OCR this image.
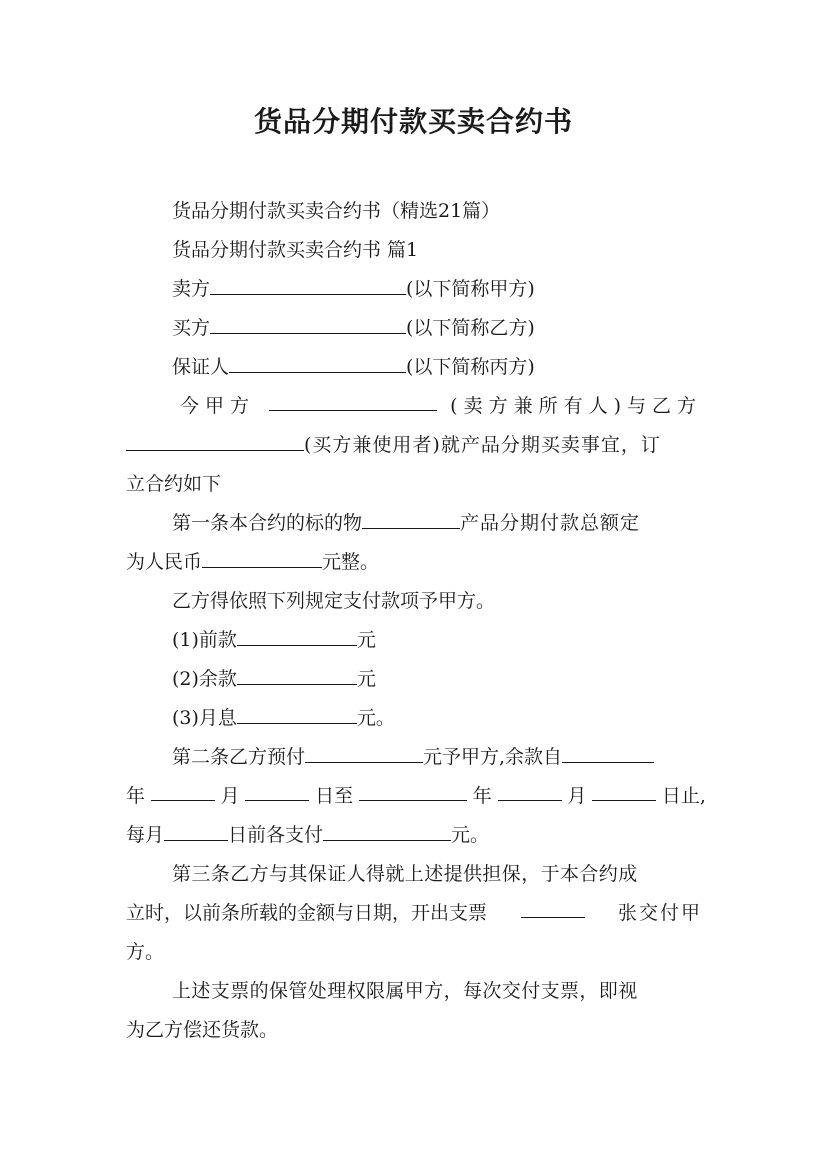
货品分期付款买卖合约书
货品分期付款买卖合约书（精选21篇）
货品分期付款买卖合约书 篇1
卖方	(以下简称甲方)
买方	(以下简称乙方)
保证人	(以下简称丙方)
今甲方	(卖方兼所有人)与乙方
(买方兼使用者)就产品分期买卖事宜，订
立合约如下
第一条本合约的标的物	产品分期付款总额定
为人民币	元整。
乙方得依照下列规定支付款项予甲方。
(1)前款	元
(2)余款	元
(3)月息	元。
第二条乙方预付	元予甲方,余款自
年	月	日至	年	月	日止,
每月	日前各支付	元。
第三条乙方与其保证人得就上述提供担保，于本合约成
立时，以前条所载的金额与日期，开出支票	张交付甲
方。
上述支票的保管处理权限属甲方，每次交付支票，即视
为乙方偿还货款。
